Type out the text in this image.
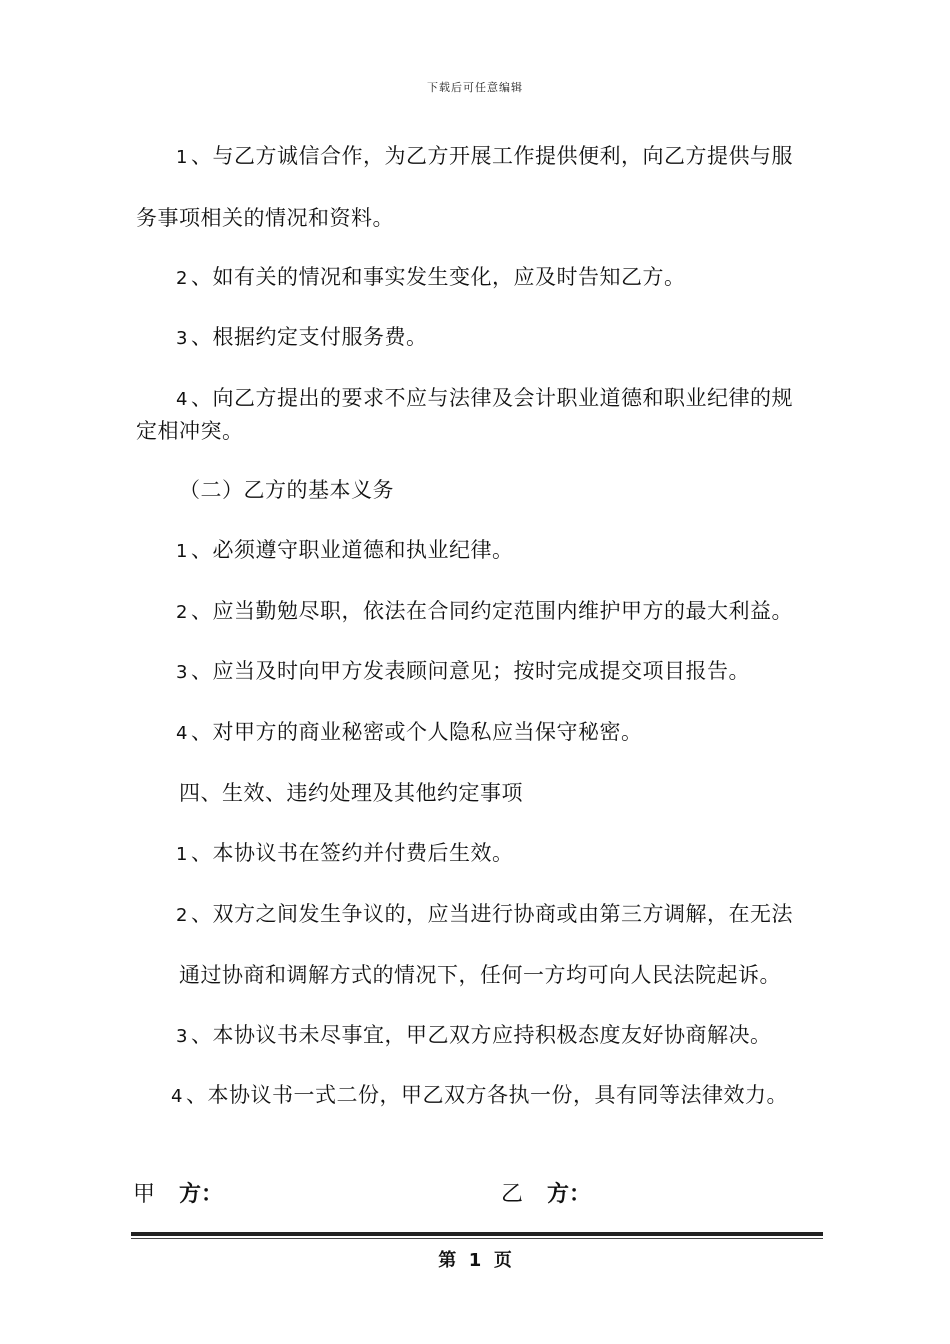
下载后可任意编辑
1 、与乙方诚信合作，为乙方开展工作提供便利，向乙方提供与服
务事项相关的情况和资料。
2 、如有关的情况和事实发生变化，应及时告知乙方。
3 、根据约定支付服务费。
4 、向乙方提出的要求不应与法律及会计职业道德和职业纪律的规
定相冲突。
（二）乙方的基本义务
1 、必须遵守职业道德和执业纪律。
2 、应当勤勉尽职，依法在合同约定范围内维护甲方的最大利益。
3 、应当及时向甲方发表顾问意见；按时完成提交项目报告。
4 、对甲方的商业秘密或个人隐私应当保守秘密。
四、生效、违约处理及其他约定事项
1 、本协议书在签约并付费后生效。
2 、双方之间发生争议的，应当进行协商或由第三方调解，在无法
通过协商和调解方式的情况下，任何一方均可向人民法院起诉。
3 、本协议书未尽事宜，甲乙双方应持积极态度友好协商解决。
4 、本协议书一式二份，甲乙双方各执一份，具有同等法律效力。
甲 方：	乙 方：
第 1 页
